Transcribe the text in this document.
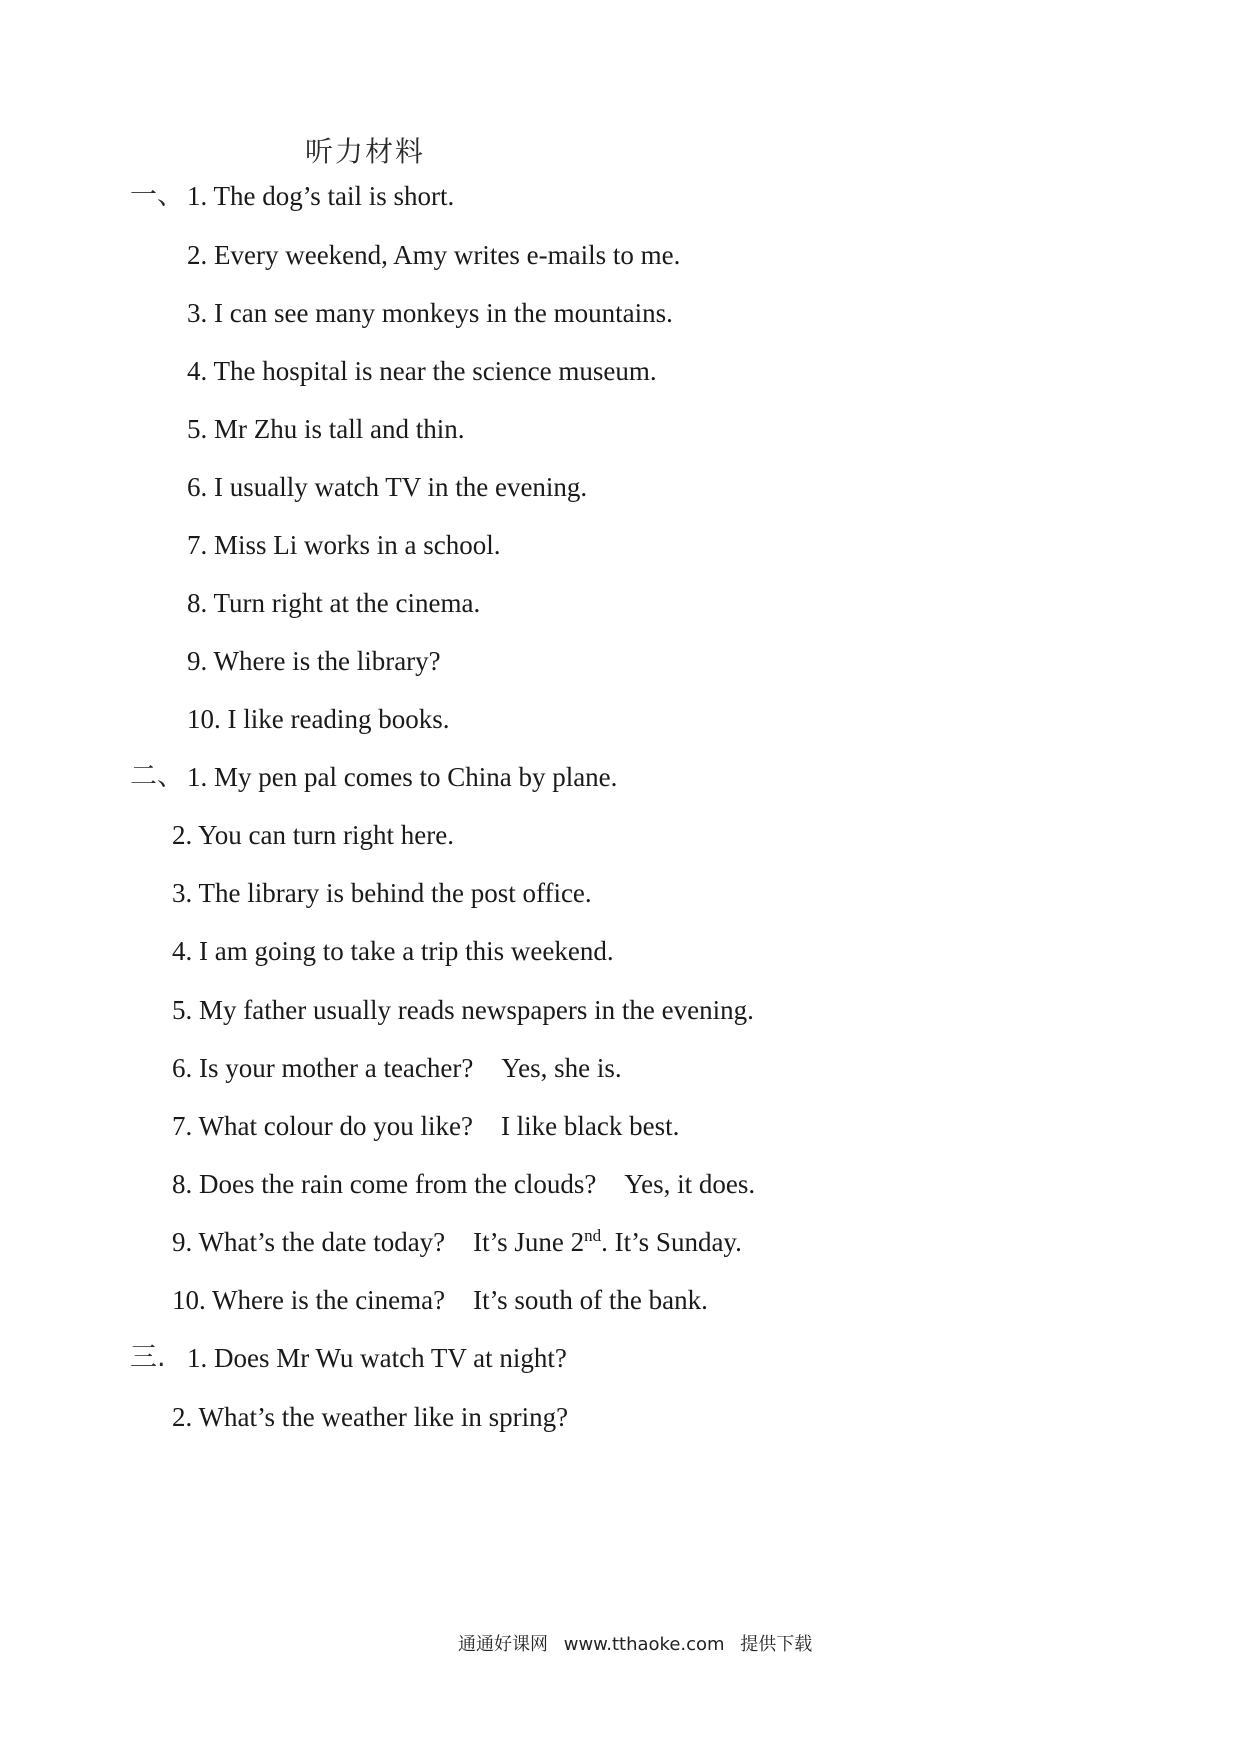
听力材料
一、 1. The dog’s tail is short.
2. Every weekend, Amy writes e-mails to me.
3. I can see many monkeys in the mountains.
4. The hospital is near the science museum.
5. Mr Zhu is tall and thin.
6. I usually watch TV in the evening.
7. Miss Li works in a school.
8. Turn right at the cinema.
9. Where is the library?
10. I like reading books.
二、 1. My pen pal comes to China by plane.
2. You can turn right here.
3. The library is behind the post office.
4. I am going to take a trip this weekend.
5. My father usually reads newspapers in the evening.
6. Is your mother a teacher? Yes, she is.
7. What colour do you like? I like black best.
8. Does the rain come from the clouds? Yes, it does.
9. What’s the date today? It’s June 2nd. It’s Sunday.
10. Where is the cinema? It’s south of the bank.
三. 1. Does Mr Wu watch TV at night?
2. What’s the weather like in spring?
通通好课网 www.tthaoke.com 提供下载
